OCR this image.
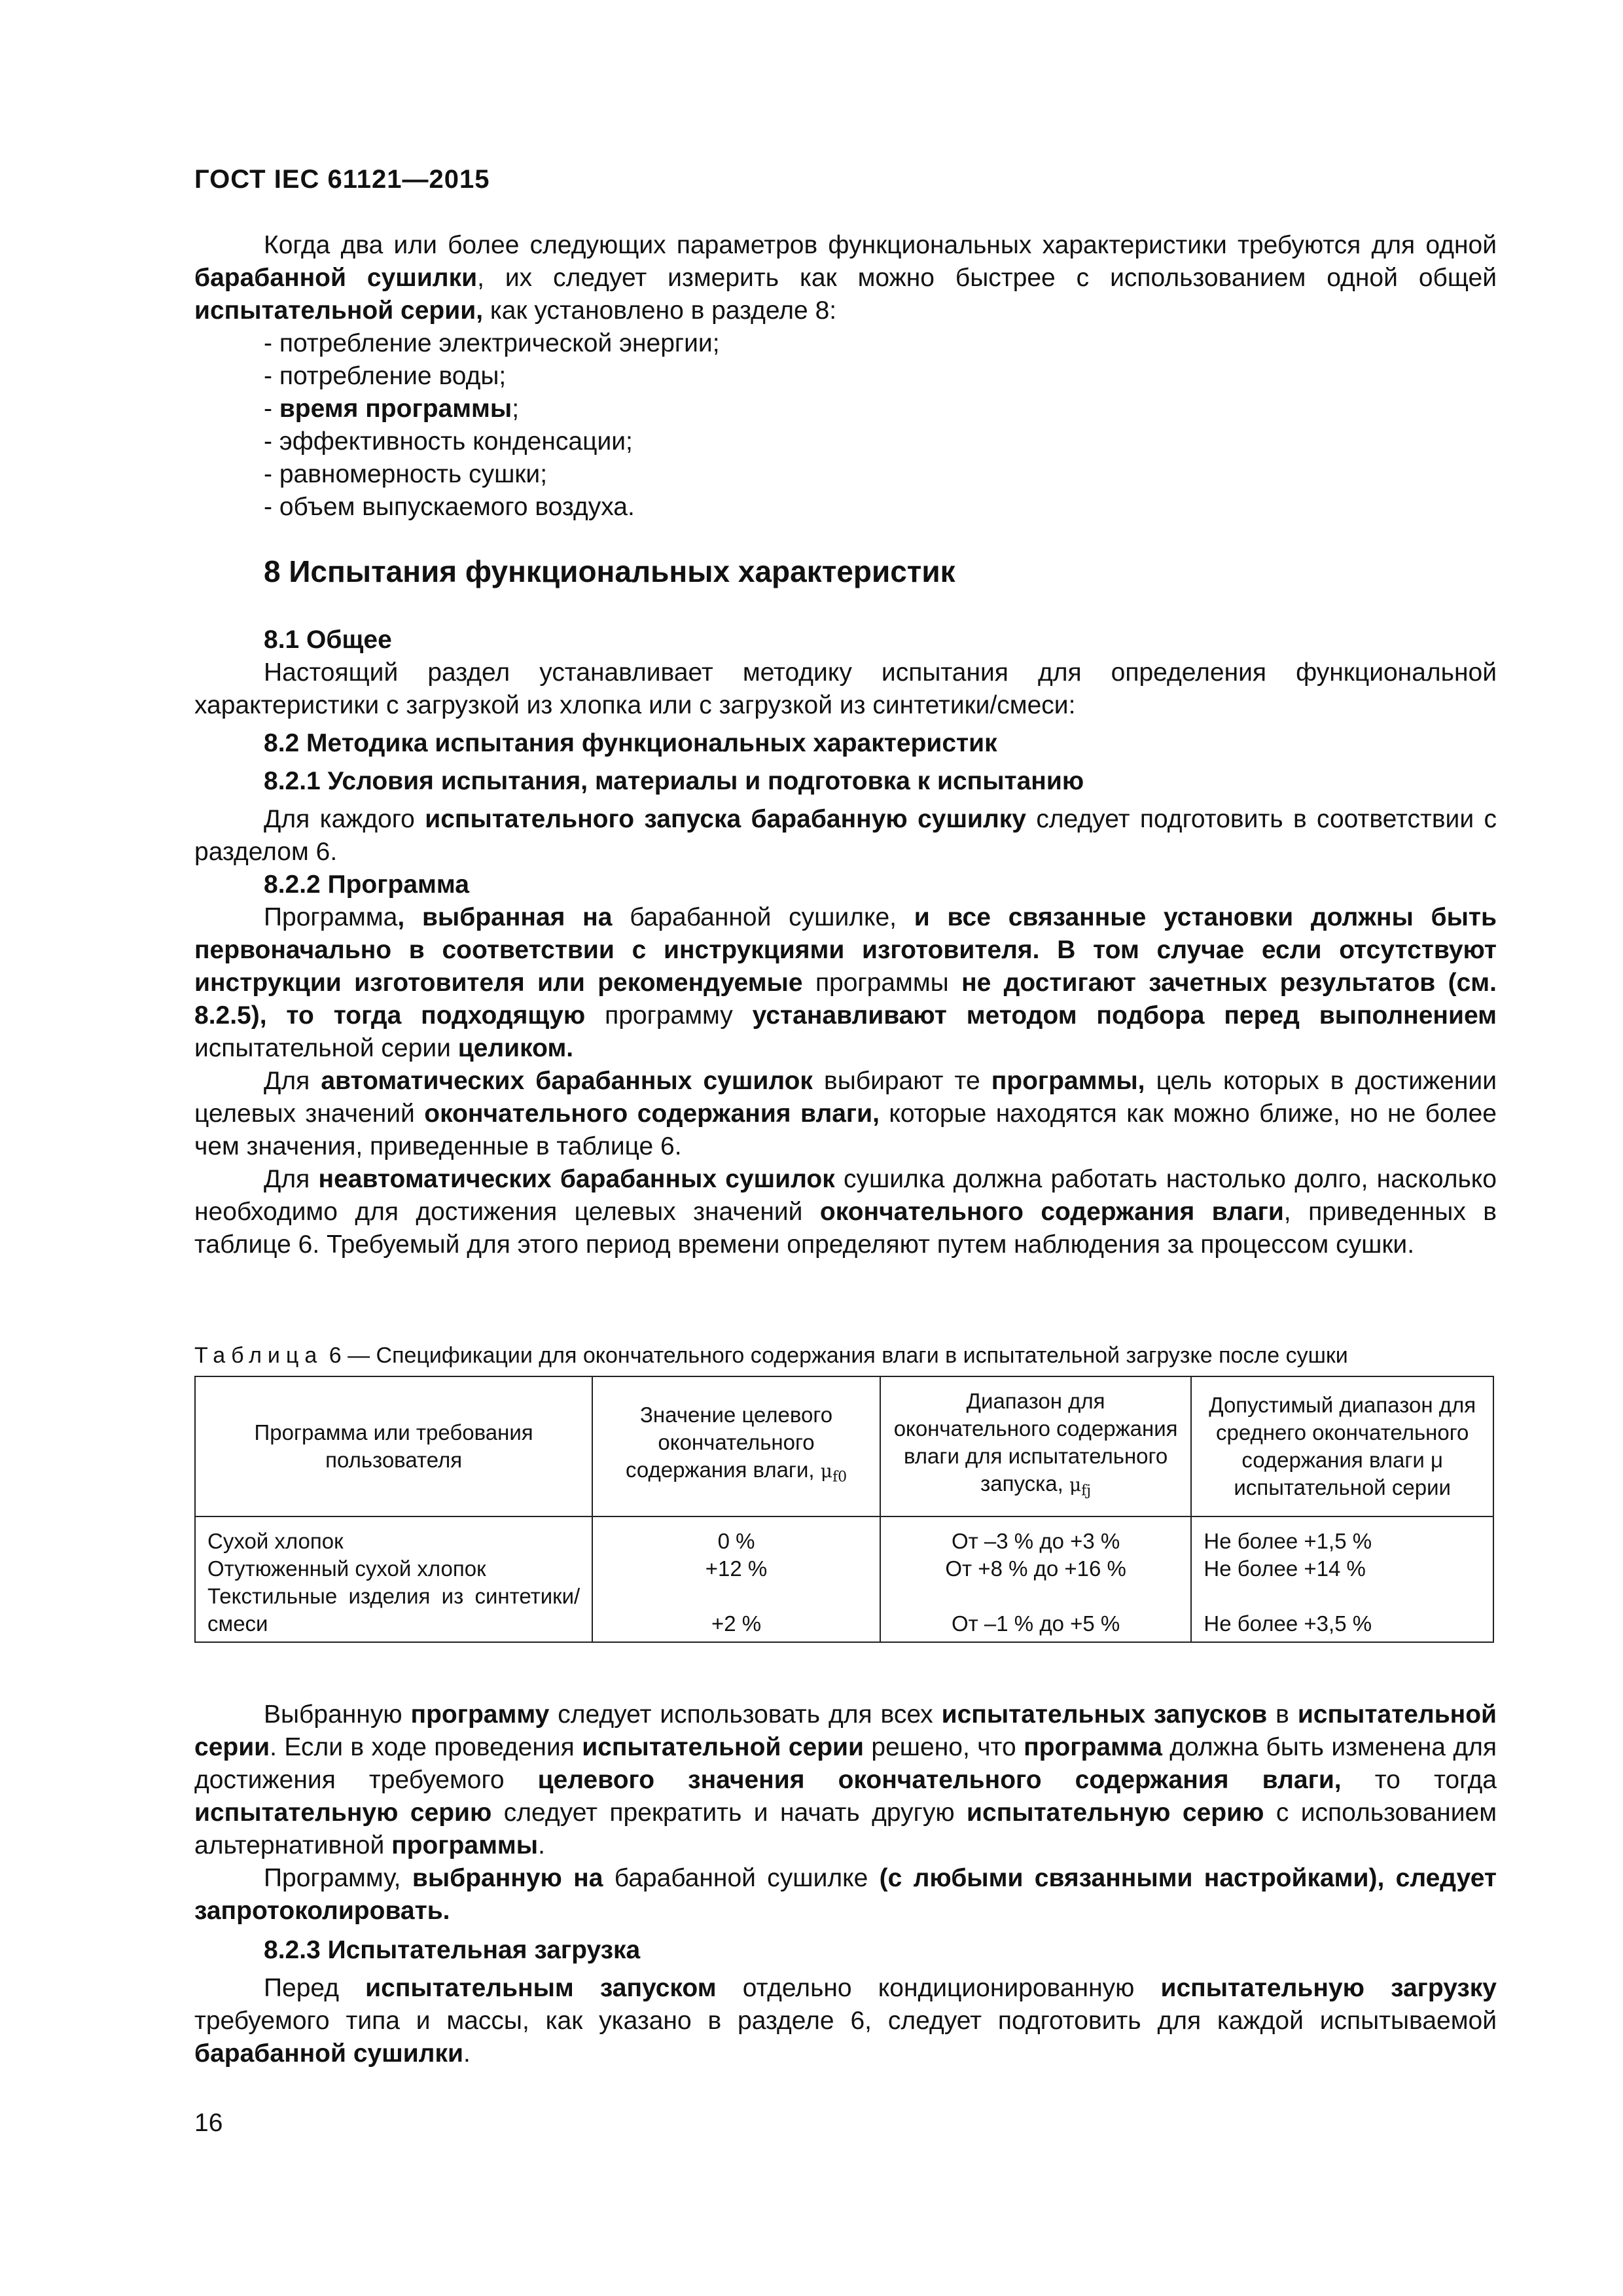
ГОСТ IEC 61121—2015

Когда два или более следующих параметров функциональных характеристики требуются для одной барабанной сушилки, их следует измерить как можно быстрее с использованием одной общей испытательной серии, как установлено в разделе 8:

- потребление электрической энергии;

- потребление воды;

- время программы;

- эффективность конденсации;

- равномерность сушки;

- объем выпускаемого воздуха.

8 Испытания функциональных характеристик

8.1 Общее

Настоящий раздел устанавливает методику испытания для определения функциональной характеристики с загрузкой из хлопка или с загрузкой из синтетики/смеси:

8.2 Методика испытания функциональных характеристик

8.2.1 Условия испытания, материалы и подготовка к испытанию

Для каждого испытательного запуска барабанную сушилку следует подготовить в соответствии с разделом 6.

8.2.2 Программа

Программа, выбранная на барабанной сушилке, и все связанные установки должны быть первоначально в соответствии с инструкциями изготовителя. В том случае если отсутствуют инструкции изготовителя или рекомендуемые программы не достигают зачетных результатов (см. 8.2.5), то тогда подходящую программу устанавливают методом подбора перед выполнением испытательной серии целиком.

Для автоматических барабанных сушилок выбирают те программы, цель которых в достижении целевых значений окончательного содержания влаги, которые находятся как можно ближе, но не более чем значения, приведенные в таблице 6.

Для неавтоматических барабанных сушилок сушилка должна работать настолько долго, насколько необходимо для достижения целевых значений окончательного содержания влаги, приведенных в таблице 6. Требуемый для этого период времени определяют путем наблюдения за процессом сушки.

Таблица 6 — Спецификации для окончательного содержания влаги в испытательной загрузке после сушки
Программа или требования пользователя	Значение целевого окончательного содержания влаги, $\mu_{f0}$	Диапазон для окончательного содержания влаги для испытательного запуска, $\mu_{fj}$	Допустимый диапазон для среднего окончательного содержания влаги μ испытательной серии
Сухой хлопок	0 %	От –3 % до +3 %	Не более +1,5 %
Отутюженный сухой хлопок	+12 %	От +8 % до +16 %	Не более +14 %
Текстильные изделия из синтетики/смеси	+2 %	От –1 % до +5 %	Не более +3,5 %

Выбранную программу следует использовать для всех испытательных запусков в испытательной серии. Если в ходе проведения испытательной серии решено, что программа должна быть изменена для достижения требуемого целевого значения окончательного содержания влаги, то тогда испытательную серию следует прекратить и начать другую испытательную серию с использованием альтернативной программы.

Программу, выбранную на барабанной сушилке (с любыми связанными настройками), следует запротоколировать.

8.2.3 Испытательная загрузка

Перед испытательным запуском отдельно кондиционированную испытательную загрузку требуемого типа и массы, как указано в разделе 6, следует подготовить для каждой испытываемой барабанной сушилки.

16
